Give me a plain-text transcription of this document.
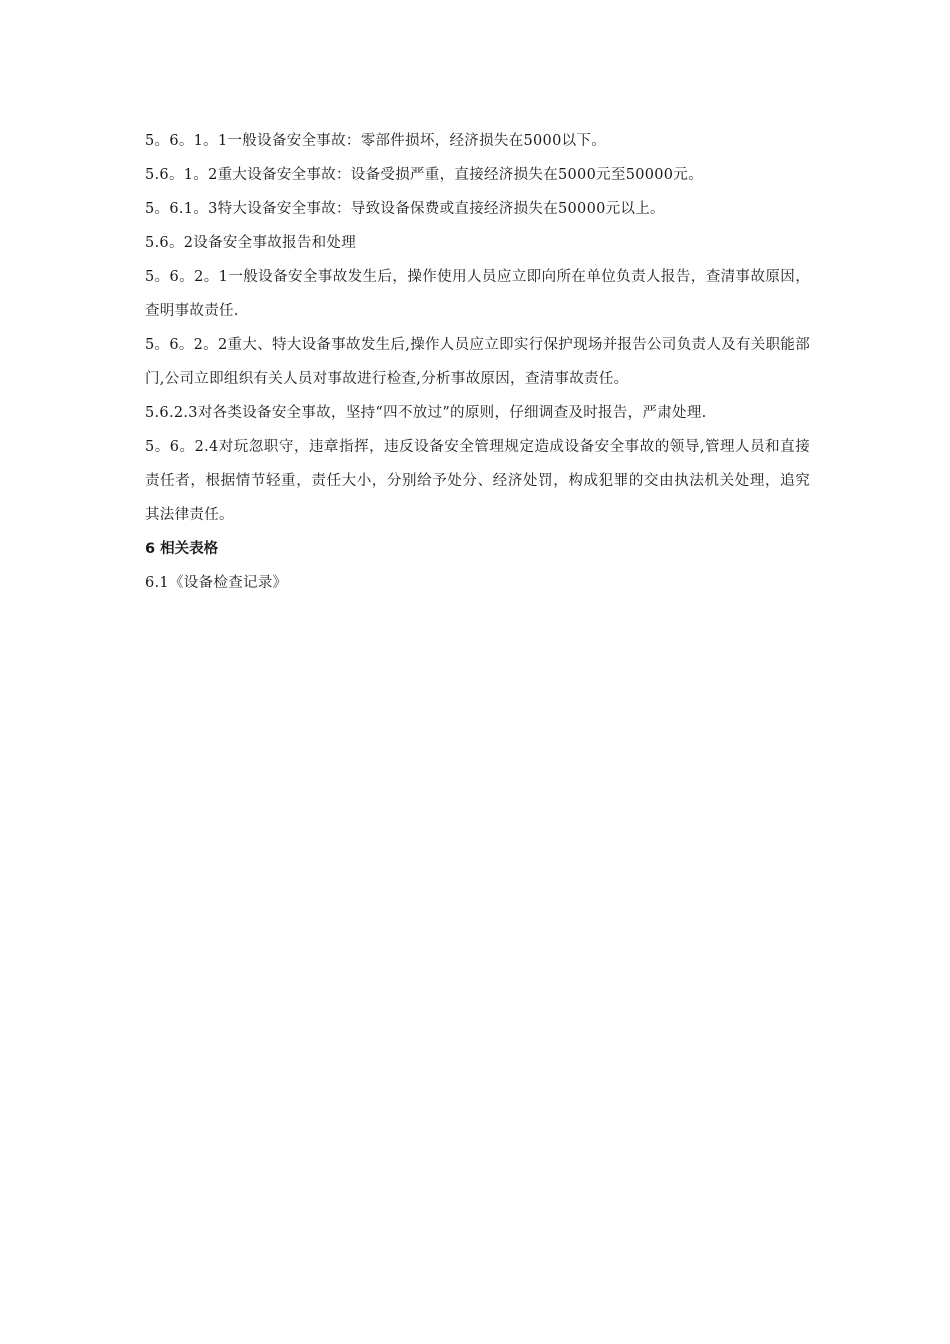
5。6。1。1一般设备安全事故：零部件损坏，经济损失在5000以下。

5.6。1。2重大设备安全事故：设备受损严重，直接经济损失在5000元至50000元。

5。6.1。3特大设备安全事故：导致设备保费或直接经济损失在50000元以上。

5.6。2设备安全事故报告和处理

5。6。2。1一般设备安全事故发生后，操作使用人员应立即向所在单位负责人报告，查清事故原因，查明事故责任.

5。6。2。2重大、特大设备事故发生后,操作人员应立即实行保护现场并报告公司负责人及有关职能部门,公司立即组织有关人员对事故进行检查,分析事故原因，查清事故责任。

5.6.2.3对各类设备安全事故，坚持“四不放过”的原则，仔细调查及时报告，严肃处理.

5。6。2.4对玩忽职守，违章指挥，违反设备安全管理规定造成设备安全事故的领导,管理人员和直接责任者，根据情节轻重，责任大小，分别给予处分、经济处罚，构成犯罪的交由执法机关处理，追究其法律责任。

6 相关表格

6.1《设备检查记录》
